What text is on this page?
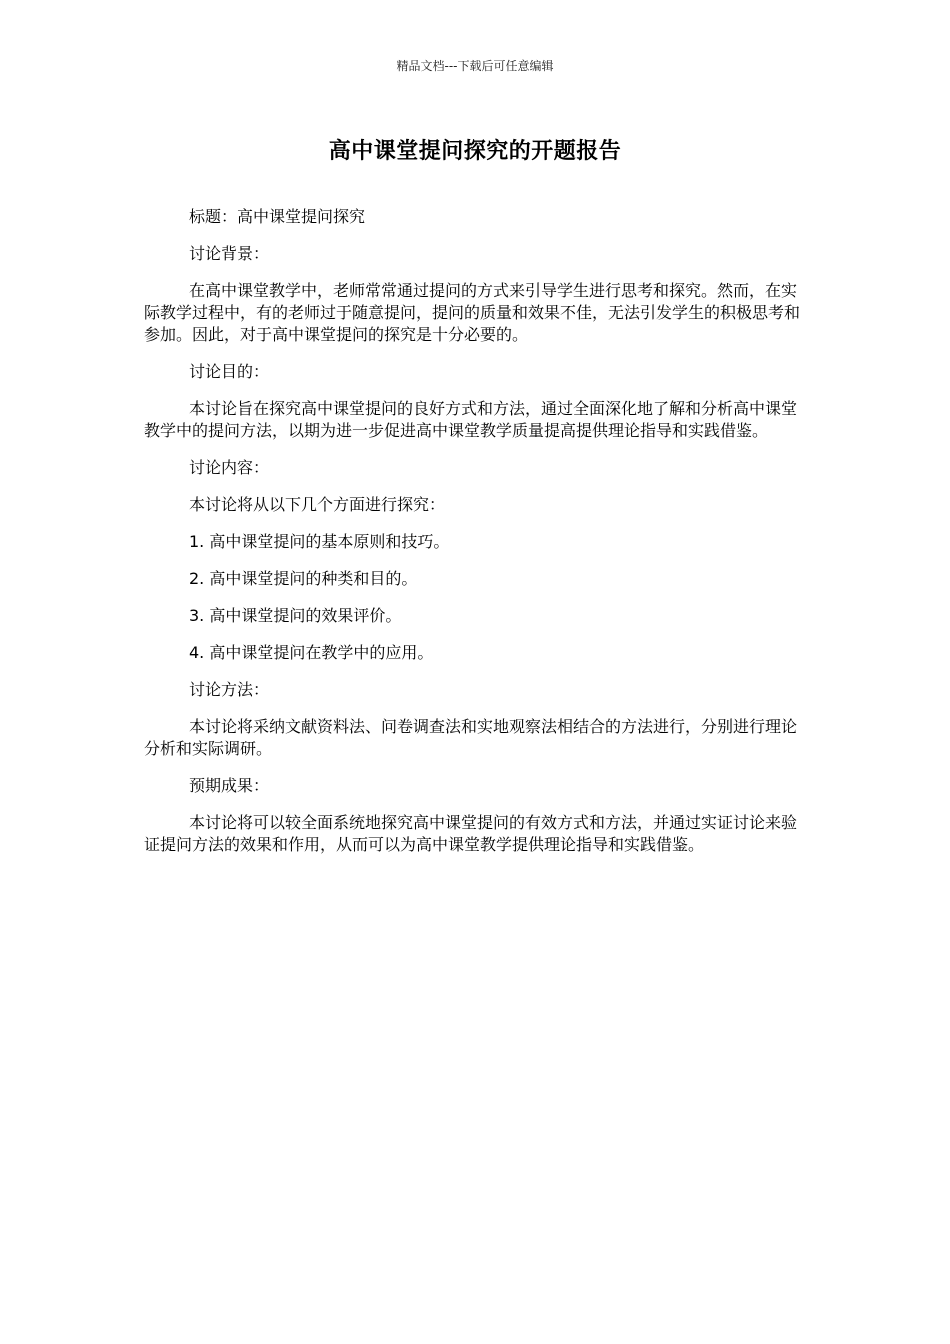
精品文档---下载后可任意编辑
高中课堂提问探究的开题报告

标题：高中课堂提问探究

讨论背景：

在高中课堂教学中，老师常常通过提问的方式来引导学生进行思考和探究。然而，在实际教学过程中，有的老师过于随意提问，提问的质量和效果不佳，无法引发学生的积极思考和参加。因此，对于高中课堂提问的探究是十分必要的。

讨论目的：

本讨论旨在探究高中课堂提问的良好方式和方法，通过全面深化地了解和分析高中课堂教学中的提问方法，以期为进一步促进高中课堂教学质量提高提供理论指导和实践借鉴。

讨论内容：

本讨论将从以下几个方面进行探究：

1. 高中课堂提问的基本原则和技巧。

2. 高中课堂提问的种类和目的。

3. 高中课堂提问的效果评价。

4. 高中课堂提问在教学中的应用。

讨论方法：

本讨论将采纳文献资料法、问卷调查法和实地观察法相结合的方法进行，分别进行理论分析和实际调研。

预期成果：

本讨论将可以较全面系统地探究高中课堂提问的有效方式和方法，并通过实证讨论来验证提问方法的效果和作用，从而可以为高中课堂教学提供理论指导和实践借鉴。
